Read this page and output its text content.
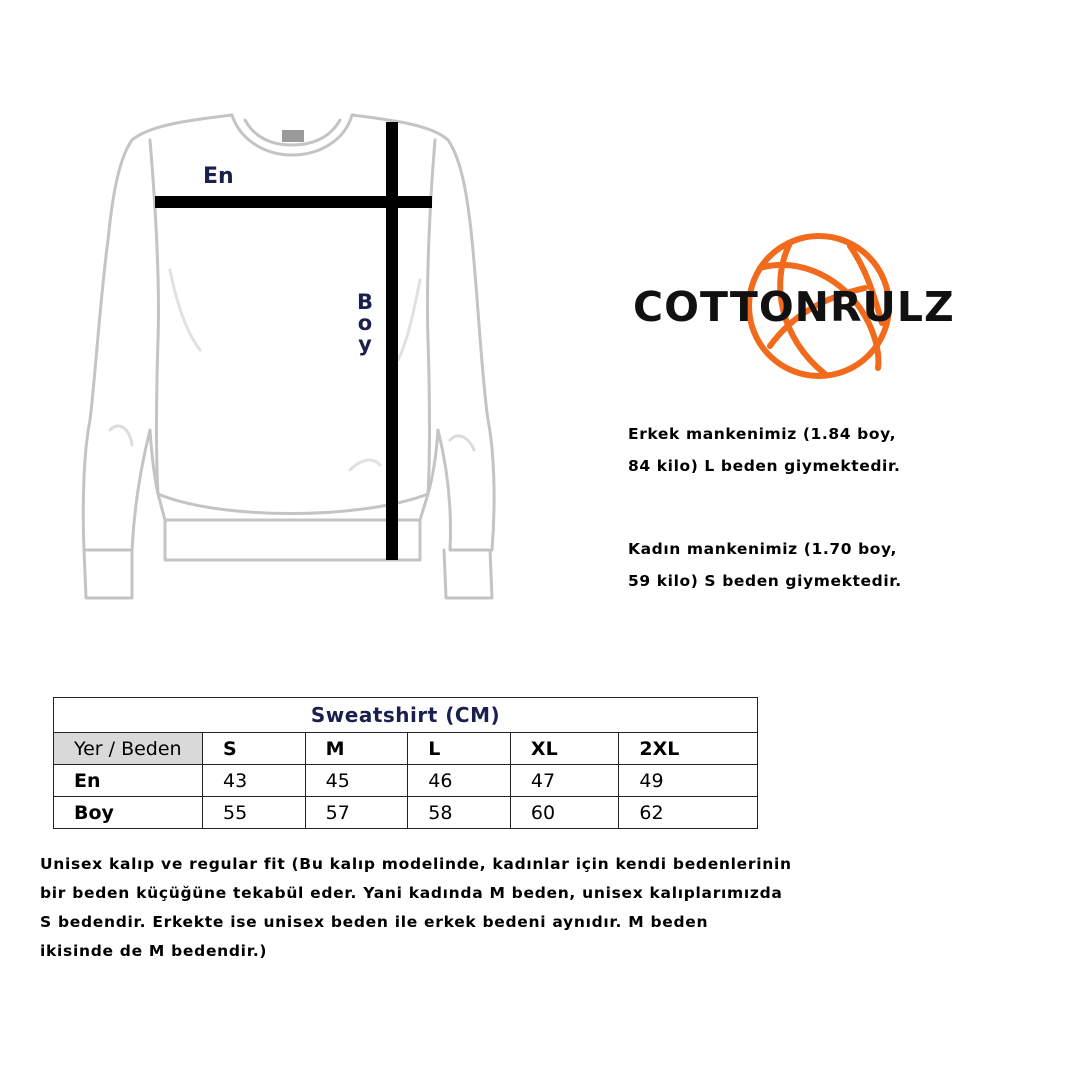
En
B
o
y
COTTONRULZ
Erkek mankenimiz (1.84 boy,
84 kilo) L beden giymektedir.
Kadın mankenimiz (1.70 boy,
59 kilo) S beden giymektedir.
Sweatshirt (CM)					
Yer / Beden	S	M	L	XL	2XL
En	43	45	46	47	49
Boy	55	57	58	60	62
Unisex kalıp ve regular fit (Bu kalıp modelinde, kadınlar için kendi bedenlerinin
bir beden küçüğüne tekabül eder. Yani kadında M beden, unisex kalıplarımızda
S bedendir. Erkekte ise unisex beden ile erkek bedeni aynıdır. M beden
ikisinde de M bedendir.)
